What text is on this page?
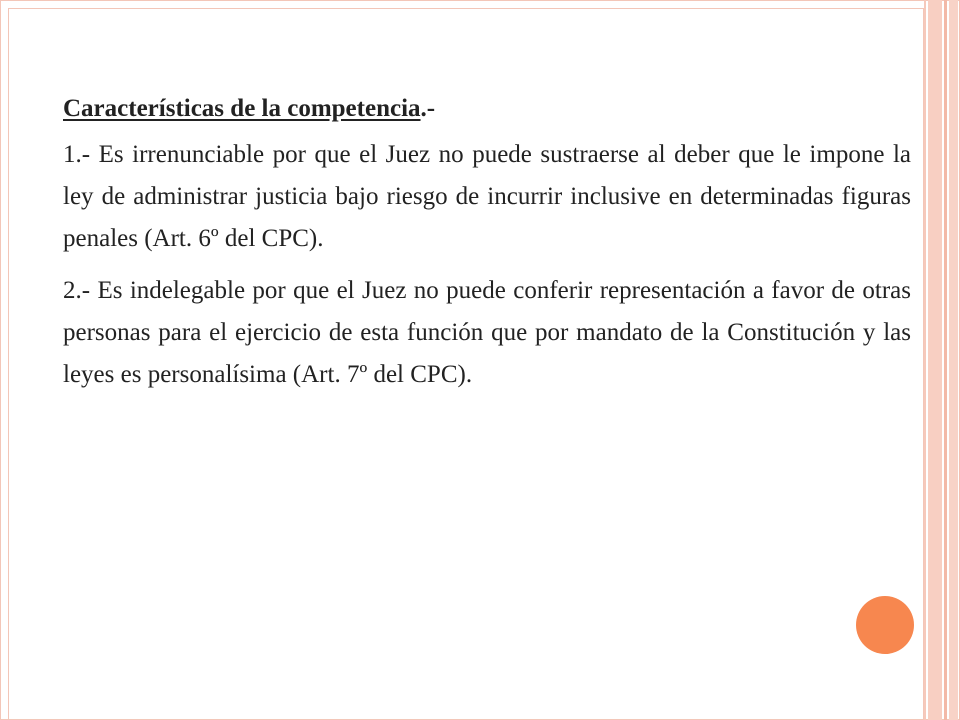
Características de la competencia.-

1.- Es irrenunciable por que el Juez no puede sustraerse al deber que le impone la ley de administrar justicia bajo riesgo de incurrir inclusive en determinadas figuras penales (Art. 6º del CPC).

2.- Es indelegable por que el Juez no puede conferir representación a favor de otras personas para el ejercicio de esta función que por mandato de la Constitución y las leyes es personalísima (Art. 7º del CPC).
